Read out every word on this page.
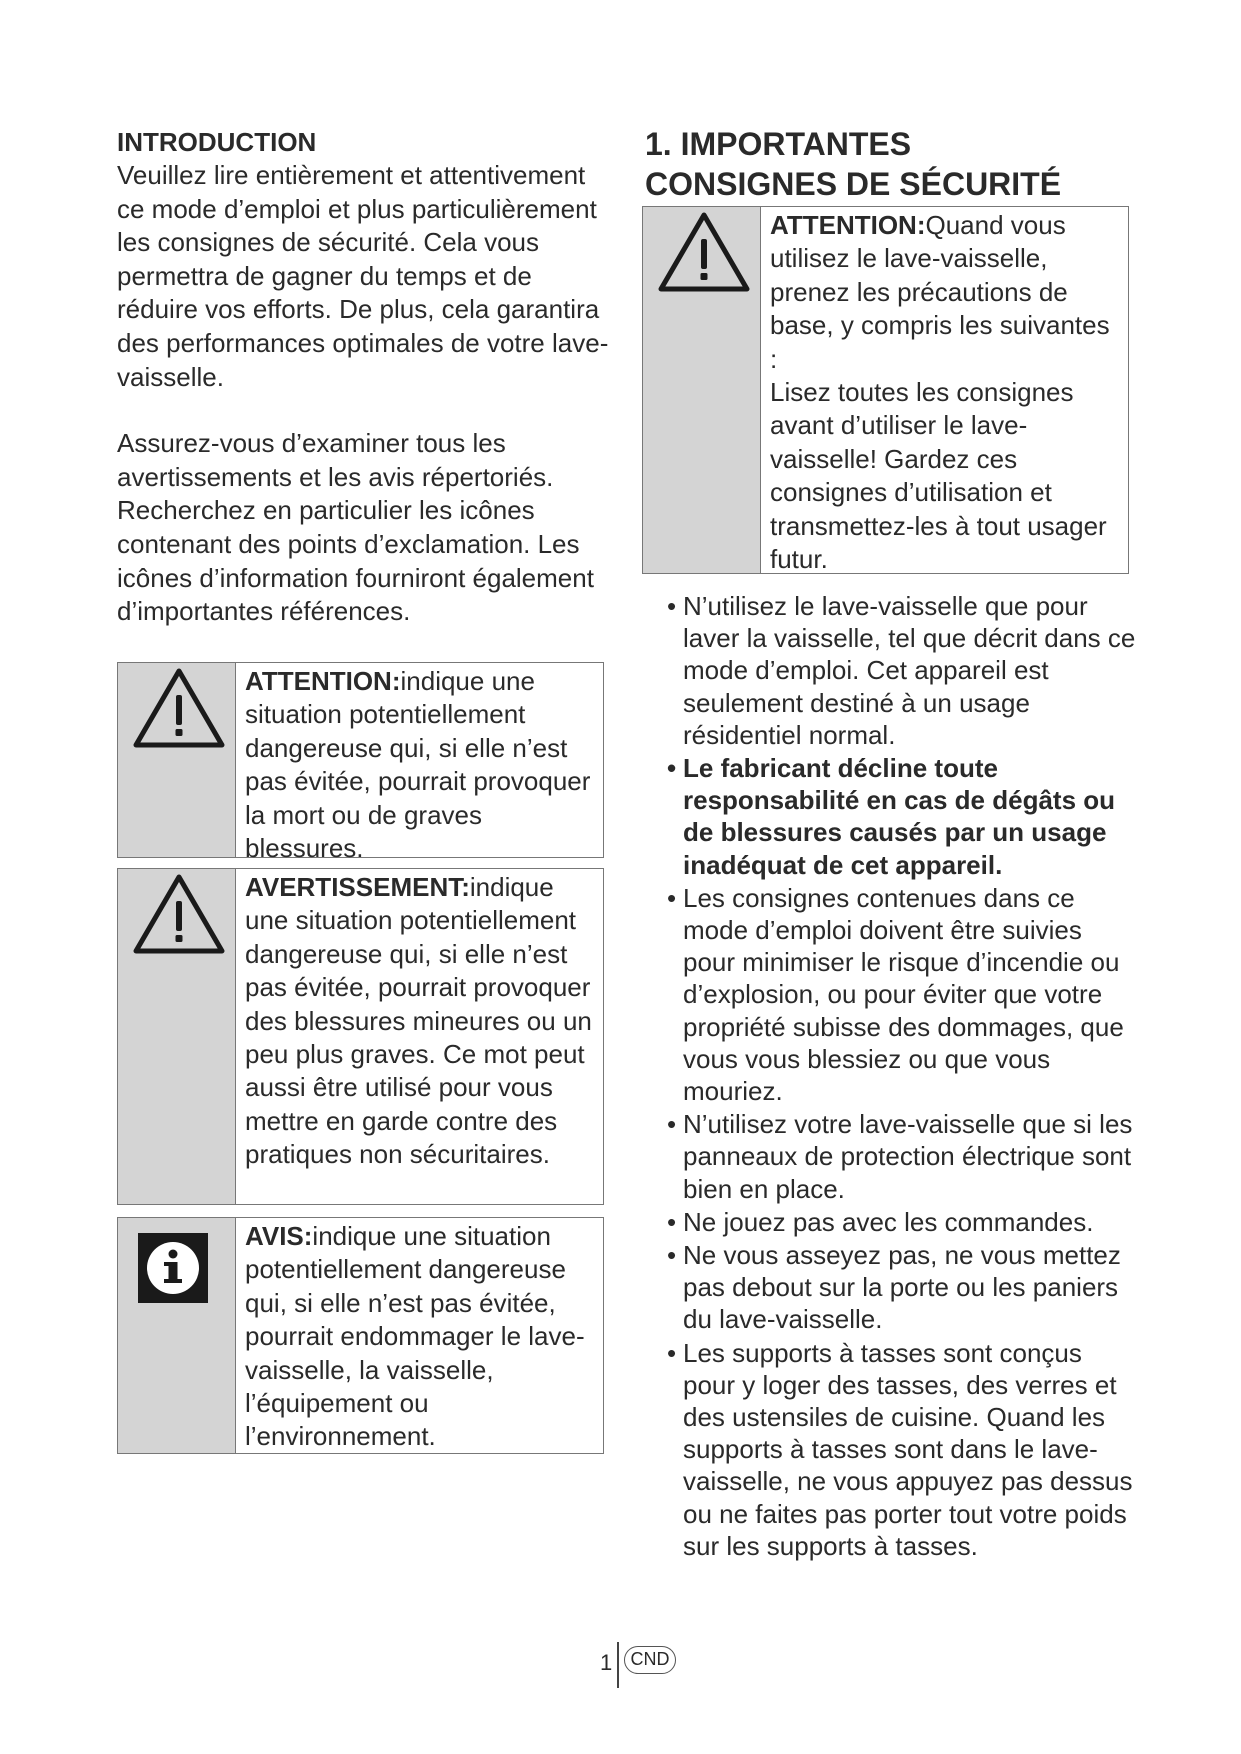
INTRODUCTION

Veuillez lire entièrement et attentivement ce mode d’emploi et plus particulièrement les consignes de sécurité. Cela vous permettra de gagner du temps et de réduire vos efforts. De plus, cela garantira des performances optimales de votre lave-vaisselle.

Assurez-vous d’examiner tous les avertissements et les avis répertoriés. Recherchez en particulier les icônes contenant des points d’exclamation. Les icônes d’information fourniront également d’importantes références.

ATTENTION:indique une situation potentiellement dangereuse qui, si elle n’est pas évitée, pourrait provoquer la mort ou de graves blessures.
AVERTISSEMENT:indique une situation potentiellement dangereuse qui, si elle n’est pas évitée, pourrait provoquer des blessures mineures ou un peu plus graves. Ce mot peut aussi être utilisé pour vous mettre en garde contre des pratiques non sécuritaires.
AVIS:indique une situation potentiellement dangereuse qui, si elle n’est pas évitée, pourrait endommager le lave-vaisselle, la vaisselle, l’équipement ou l’environnement.
1. IMPORTANTES
CONSIGNES DE SÉCURITÉ

ATTENTION:Quand vous utilisez le lave-vaisselle, prenez les précautions de base, y compris les suivantes :

Lisez toutes les consignes avant d’utiliser le lave-vaisselle! Gardez ces consignes d’utilisation et transmettez-les à tout usager futur.

• N’utilisez le lave-vaisselle que pour laver la vaisselle, tel que décrit dans ce mode d’emploi. Cet appareil est seulement destiné à un usage résidentiel normal.
• Le fabricant décline toute responsabilité en cas de dégâts ou de blessures causés par un usage inadéquat de cet appareil.
• Les consignes contenues dans ce mode d’emploi doivent être suivies pour minimiser le risque d’incendie ou d’explosion, ou pour éviter que votre propriété subisse des dommages, que vous vous blessiez ou que vous mouriez.
• N’utilisez votre lave-vaisselle que si les panneaux de protection électrique sont bien en place.
• Ne jouez pas avec les commandes.
• Ne vous asseyez pas, ne vous mettez pas debout sur la porte ou les paniers du lave-vaisselle.
• Les supports à tasses sont conçus pour y loger des tasses, des verres et des ustensiles de cuisine. Quand les supports à tasses sont dans le lave-vaisselle, ne vous appuyez pas dessus ou ne faites pas porter tout votre poids sur les supports à tasses.
1	CND
